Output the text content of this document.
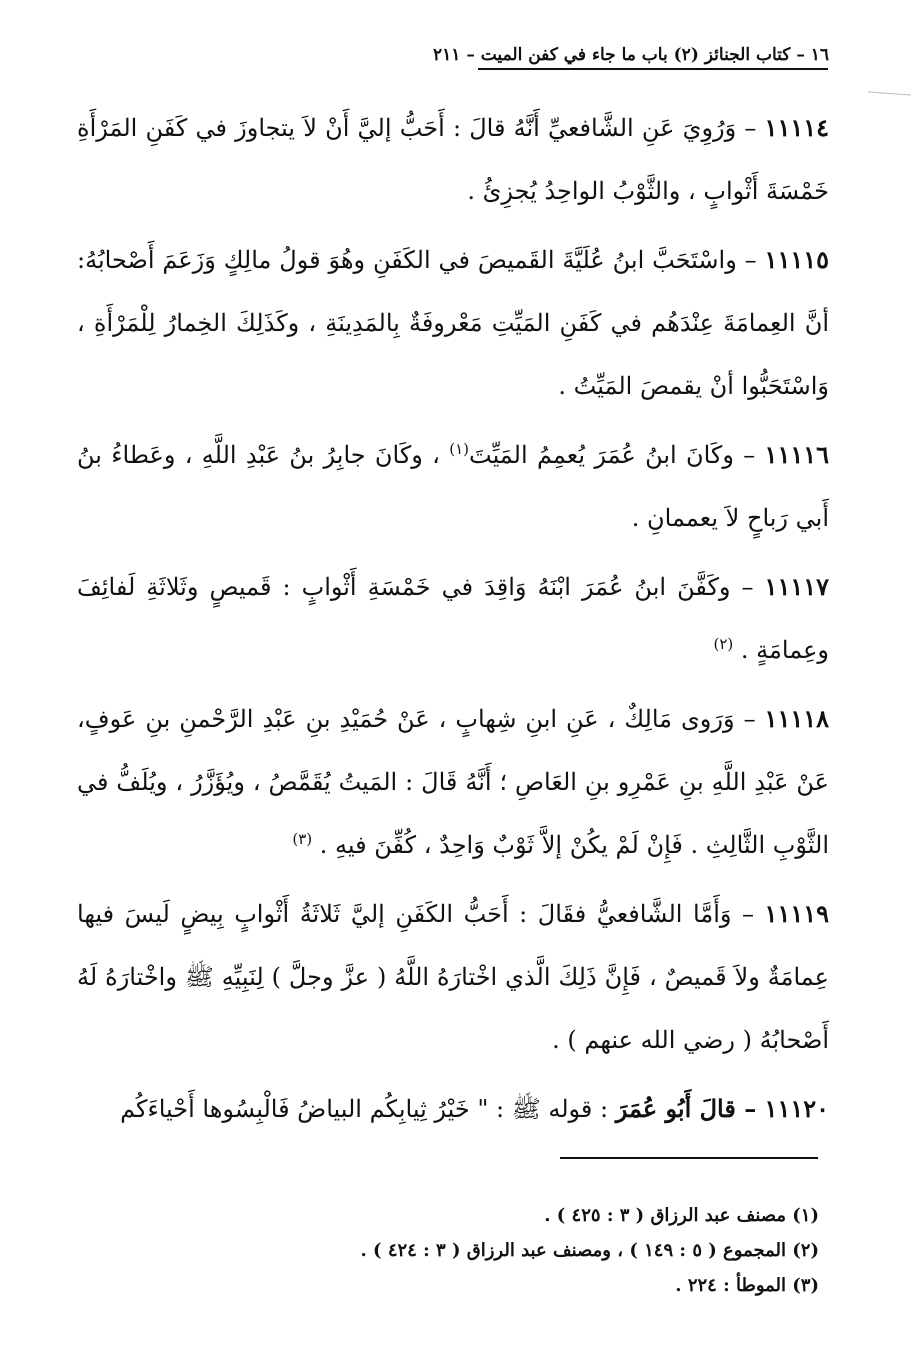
١٦ – كتاب الجنائز (٢) باب ما جاء في كفن الميت – ٢١١

١١١١٤ – وَرُوِيَ عَنِ الشَّافعيِّ أَنَّهُ قالَ : أَحَبُّ إليَّ أَنْ لاَ يتجاوزَ في كَفَنِ المَرْأَةِ خَمْسَةَ أَثْوابٍ ، والثَّوْبُ الواحِدُ يُجزِئُ .

١١١١٥ – واسْتَحَبَّ ابنُ عُلَيَّةَ القَميصَ في الكَفَنِ وهُوَ قولُ مالِكٍ وَزَعَمَ أَصْحابُهُ: أنَّ العِمامَةَ عِنْدَهُم في كَفَنِ المَيِّتِ مَعْروفَةٌ بِالمَدِينَةِ ، وكَذَلِكَ الخِمارُ لِلْمَرْأَةِ ، وَاسْتَحَبُّوا أنْ يقمصَ المَيِّتُ .

١١١١٦ – وكَانَ ابنُ عُمَرَ يُعمِمُ المَيِّتَ$^{(١)}$ ، وكَانَ جابِرُ بنُ عَبْدِ اللَّهِ ، وعَطاءُ بنُ أَبي رَباحٍ لاَ يعممانِ .

١١١١٧ – وكَفَّنَ ابنُ عُمَرَ ابْنَهُ وَاقِدَ في خَمْسَةِ أَثْوابٍ : قَميصٍ وثَلاثَةِ لَفائِفَ وعِمامَةٍ . $^{(٢)}$

١١١١٨ – وَرَوى مَالِكٌ ، عَنِ ابنِ شِهابٍ ، عَنْ حُمَيْدِ بنِ عَبْدِ الرَّحْمنِ بنِ عَوفٍ، عَنْ عَبْدِ اللَّهِ بنِ عَمْرِو بنِ العَاصِ ؛ أَنَّهُ قَالَ : المَيتُ يُقَمَّصُ ، ويُؤَزَّرُ ، ويُلَفُّ في الثَّوْبِ الثَّالِثِ . فَإِنْ لَمْ يكُنْ إلاَّ ثَوْبٌ وَاحِدٌ ، كُفِّنَ فيهِ . $^{(٣)}$

١١١١٩ – وَأَمَّا الشَّافعيُّ فقَالَ : أَحَبُّ الكَفَنِ إليَّ ثَلاثَةُ أَثْوابٍ بِيضٍ لَيسَ فيها عِمامَةٌ ولاَ قَميصٌ ، فَإِنَّ ذَلِكَ الَّذي اخْتارَهُ اللَّهُ ( عزَّ وجلَّ ) لِنَبِيِّهِ ﷺ واخْتارَهُ لَهُ أَصْحابُهُ ( رضي الله عنهم ) .

١١١٢٠ – قالَ أَبُو عُمَرَ : قوله ﷺ : " خَيْرُ ثِيابِكُم البياضُ فَالْبِسُوها أَحْياءَكُم

(١) مصنف عبد الرزاق ( ٣ : ٤٢٥ ) .

(٢) المجموع ( ٥ : ١٤٩ ) ، ومصنف عبد الرزاق ( ٣ : ٤٢٤ ) .

(٣) الموطأ : ٢٢٤ .
